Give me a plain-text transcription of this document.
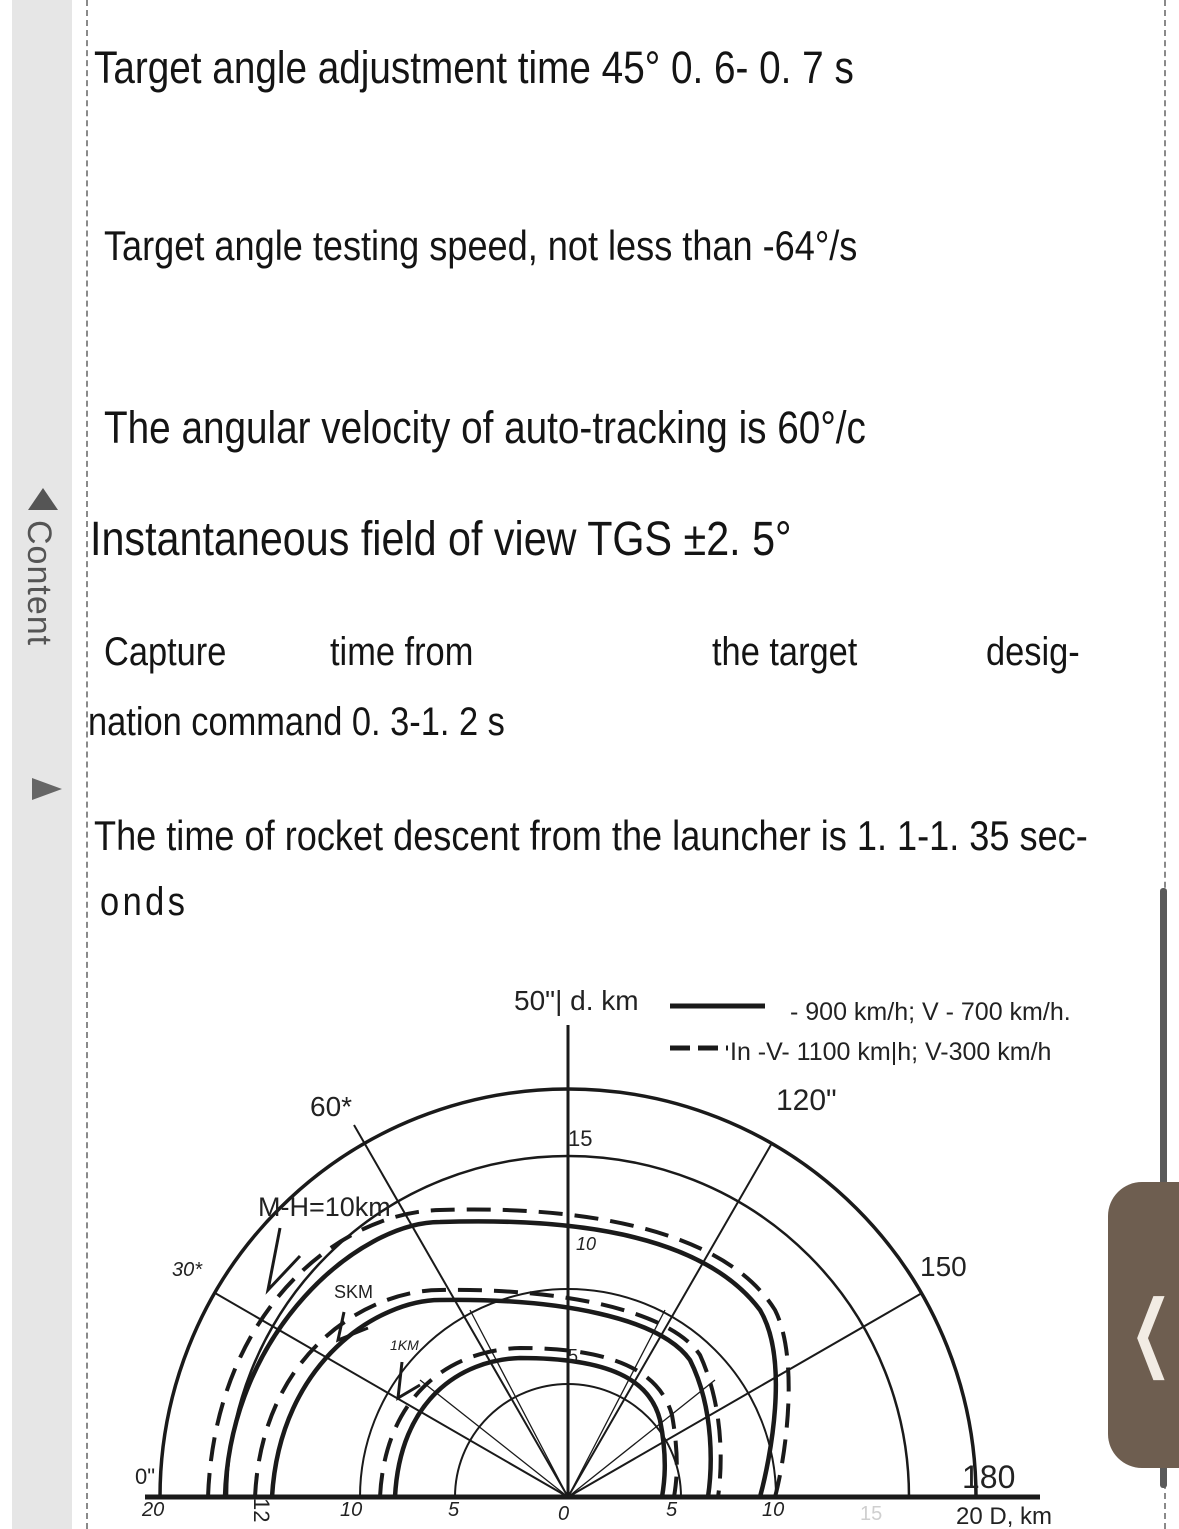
Content
Target angle adjustment time 45° 0. 6- 0. 7 s
Target angle testing speed, not less than -64°/s
The angular velocity of auto-tracking is 60°/c
Instantaneous field of view TGS ±2. 5°
Capture	time from	the target	desig-
nation command 0. 3-1. 2 s
The time of rocket descent from the launcher is 1. 1-1. 35 sec-
onds
50"| d. km	- 900 km/h; V - 700 km/h.
In -V- 1100 km|h; V-300 km/h
60*	120"
30*	150
0"	180
M-H=10km
SKM
1KM
15
10
5
20	12	10	5	0	5	10	15	20 D, km
❮
